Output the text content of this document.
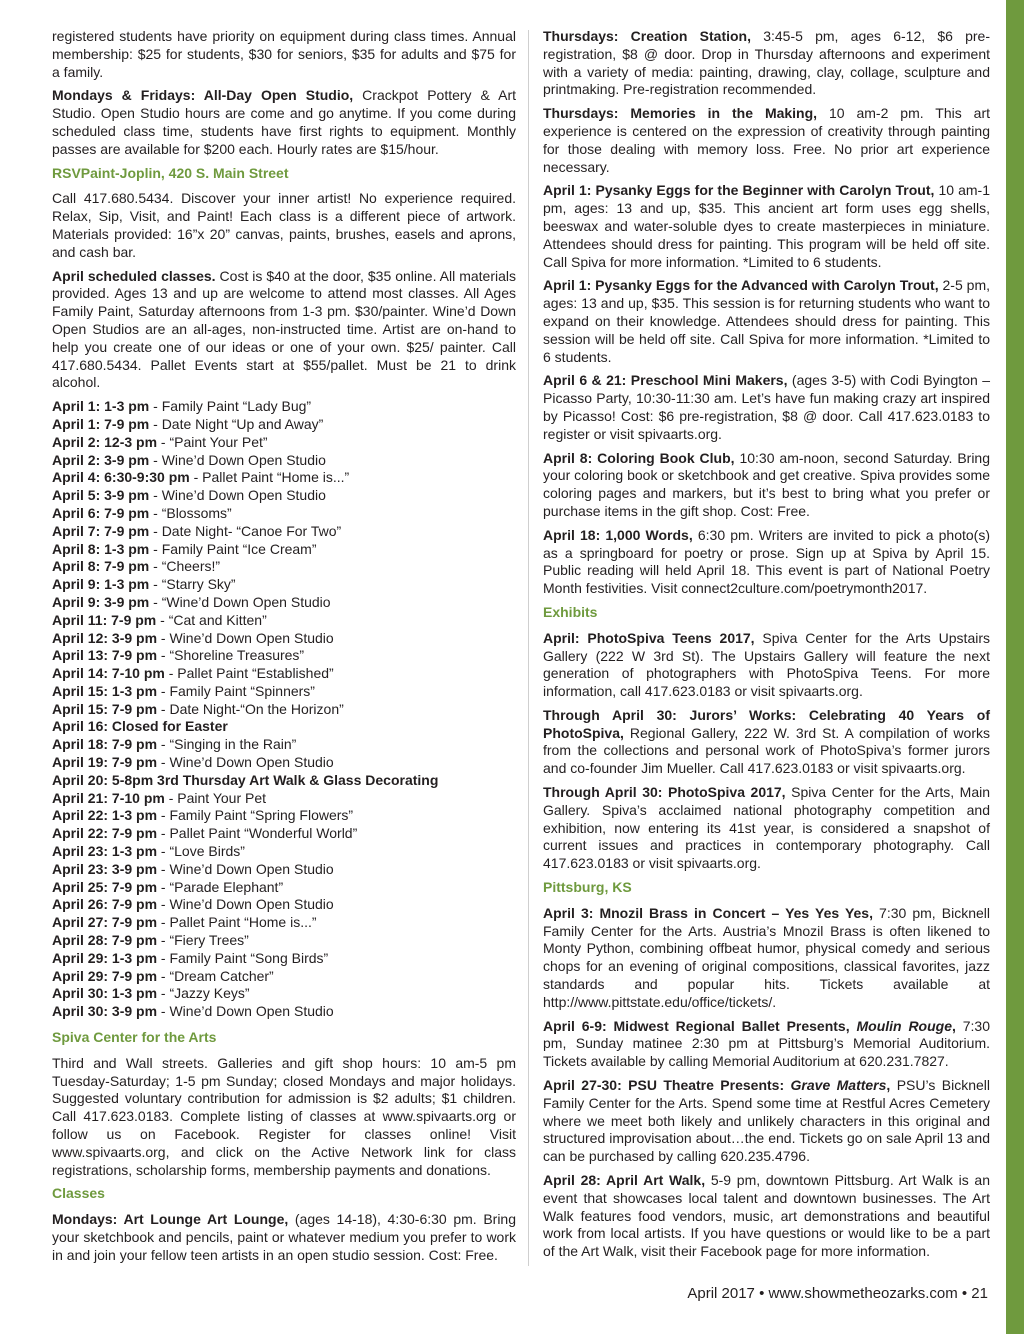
registered students have priority on equipment during class times. Annual membership: $25 for students, $30 for seniors, $35 for adults and $75 for a family.

Mondays & Fridays: All-Day Open Studio, Crackpot Pottery & Art Studio. Open Studio hours are come and go anytime. If you come during scheduled class time, students have first rights to equipment. Monthly passes are available for $200 each. Hourly rates are $15/hour.

RSVPaint-Joplin, 420 S. Main Street

Call 417.680.5434. Discover your inner artist! No experience required. Relax, Sip, Visit, and Paint! Each class is a different piece of artwork. Materials provided: 16”x 20” canvas, paints, brushes, easels and aprons, and cash bar.

April scheduled classes. Cost is $40 at the door, $35 online. All materials provided. Ages 13 and up are welcome to attend most classes. All Ages Family Paint, Saturday afternoons from 1-3 pm. $30/painter. Wine’d Down Open Studios are an all-ages, non-instructed time. Artist are on-hand to help you create one of our ideas or one of your own. $25/ painter. Call 417.680.5434. Pallet Events start at $55/pallet. Must be 21 to drink alcohol.

April 1: 1-3 pm - Family Paint “Lady Bug”
April 1: 7-9 pm - Date Night “Up and Away”
April 2: 12-3 pm - “Paint Your Pet”
April 2: 3-9 pm - Wine’d Down Open Studio
April 4: 6:30-9:30 pm - Pallet Paint “Home is...”
April 5: 3-9 pm - Wine’d Down Open Studio
April 6: 7-9 pm - “Blossoms”
April 7: 7-9 pm - Date Night- “Canoe For Two”
April 8: 1-3 pm - Family Paint “Ice Cream”
April 8: 7-9 pm - “Cheers!”
April 9: 1-3 pm - “Starry Sky”
April 9: 3-9 pm - “Wine’d Down Open Studio
April 11: 7-9 pm - “Cat and Kitten”
April 12: 3-9 pm - Wine’d Down Open Studio
April 13: 7-9 pm - “Shoreline Treasures”
April 14: 7-10 pm - Pallet Paint “Established”
April 15: 1-3 pm - Family Paint “Spinners”
April 15: 7-9 pm - Date Night-“On the Horizon”
April 16: Closed for Easter
April 18: 7-9 pm - “Singing in the Rain”
April 19: 7-9 pm - Wine’d Down Open Studio
April 20: 5-8pm 3rd Thursday Art Walk & Glass Decorating
April 21: 7-10 pm - Paint Your Pet
April 22: 1-3 pm - Family Paint “Spring Flowers”
April 22: 7-9 pm - Pallet Paint “Wonderful World”
April 23: 1-3 pm - “Love Birds”
April 23: 3-9 pm - Wine’d Down Open Studio
April 25: 7-9 pm - “Parade Elephant”
April 26: 7-9 pm - Wine’d Down Open Studio
April 27: 7-9 pm - Pallet Paint “Home is...”
April 28: 7-9 pm - “Fiery Trees”
April 29: 1-3 pm - Family Paint “Song Birds”
April 29: 7-9 pm - “Dream Catcher”
April 30: 1-3 pm - “Jazzy Keys”
April 30: 3-9 pm - Wine’d Down Open Studio
Spiva Center for the Arts

Third and Wall streets. Galleries and gift shop hours: 10 am-5 pm Tuesday-Saturday; 1-5 pm Sunday; closed Mondays and major holidays. Suggested voluntary contribution for admission is $2 adults; $1 children. Call 417.623.0183. Complete listing of classes at www.spivaarts.org or follow us on Facebook. Register for classes online! Visit www.spivaarts.org, and click on the Active Network link for class registrations, scholarship forms, membership payments and donations.

Classes

Mondays: Art Lounge Art Lounge, (ages 14-18), 4:30-6:30 pm. Bring your sketchbook and pencils, paint or whatever medium you prefer to work in and join your fellow teen artists in an open studio session. Cost: Free.

Thursdays: Creation Station, 3:45-5 pm, ages 6-12, $6 pre-registration, $8 @ door. Drop in Thursday afternoons and experiment with a variety of media: painting, drawing, clay, collage, sculpture and printmaking. Pre-registration recommended.

Thursdays: Memories in the Making, 10 am-2 pm. This art experience is centered on the expression of creativity through painting for those dealing with memory loss. Free. No prior art experience necessary.

April 1: Pysanky Eggs for the Beginner with Carolyn Trout, 10 am-1 pm, ages: 13 and up, $35. This ancient art form uses egg shells, beeswax and water-soluble dyes to create masterpieces in miniature. Attendees should dress for painting. This program will be held off site. Call Spiva for more information. *Limited to 6 students.

April 1: Pysanky Eggs for the Advanced with Carolyn Trout, 2-5 pm, ages: 13 and up, $35. This session is for returning students who want to expand on their knowledge. Attendees should dress for painting. This session will be held off site. Call Spiva for more information. *Limited to 6 students.

April 6 & 21: Preschool Mini Makers, (ages 3-5) with Codi Byington – Picasso Party, 10:30-11:30 am. Let’s have fun making crazy art inspired by Picasso! Cost: $6 pre-registration, $8 @ door. Call 417.623.0183 to register or visit spivaarts.org.

April 8: Coloring Book Club, 10:30 am-noon, second Saturday. Bring your coloring book or sketchbook and get creative. Spiva provides some coloring pages and markers, but it’s best to bring what you prefer or purchase items in the gift shop. Cost: Free.

April 18: 1,000 Words, 6:30 pm. Writers are invited to pick a photo(s) as a springboard for poetry or prose. Sign up at Spiva by April 15. Public reading will held April 18. This event is part of National Poetry Month festivities. Visit connect2culture.com/poetrymonth2017.

Exhibits

April: PhotoSpiva Teens 2017, Spiva Center for the Arts Upstairs Gallery (222 W 3rd St). The Upstairs Gallery will feature the next generation of photographers with PhotoSpiva Teens. For more information, call 417.623.0183 or visit spivaarts.org.

Through April 30: Jurors’ Works: Celebrating 40 Years of PhotoSpiva, Regional Gallery, 222 W. 3rd St. A compilation of works from the collections and personal work of PhotoSpiva’s former jurors and co-founder Jim Mueller. Call 417.623.0183 or visit spivaarts.org.

Through April 30: PhotoSpiva 2017, Spiva Center for the Arts, Main Gallery. Spiva’s acclaimed national photography competition and exhibition, now entering its 41st year, is considered a snapshot of current issues and practices in contemporary photography. Call 417.623.0183 or visit spivaarts.org.

Pittsburg, KS

April 3: Mnozil Brass in Concert – Yes Yes Yes, 7:30 pm, Bicknell Family Center for the Arts. Austria’s Mnozil Brass is often likened to Monty Python, combining offbeat humor, physical comedy and serious chops for an evening of original compositions, classical favorites, jazz standards and popular hits. Tickets available at http://www.pittstate.edu/office/tickets/.

April 6-9: Midwest Regional Ballet Presents, Moulin Rouge, 7:30 pm, Sunday matinee 2:30 pm at Pittsburg’s Memorial Auditorium. Tickets available by calling Memorial Auditorium at 620.231.7827.

April 27-30: PSU Theatre Presents: Grave Matters, PSU’s Bicknell Family Center for the Arts. Spend some time at Restful Acres Cemetery where we meet both likely and unlikely characters in this original and structured improvisation about…the end. Tickets go on sale April 13 and can be purchased by calling 620.235.4796.

April 28: April Art Walk, 5-9 pm, downtown Pittsburg. Art Walk is an event that showcases local talent and downtown businesses. The Art Walk features food vendors, music, art demonstrations and beautiful work from local artists. If you have questions or would like to be a part of the Art Walk, visit their Facebook page for more information.

April 2017 • www.showmetheozarks.com • 21
